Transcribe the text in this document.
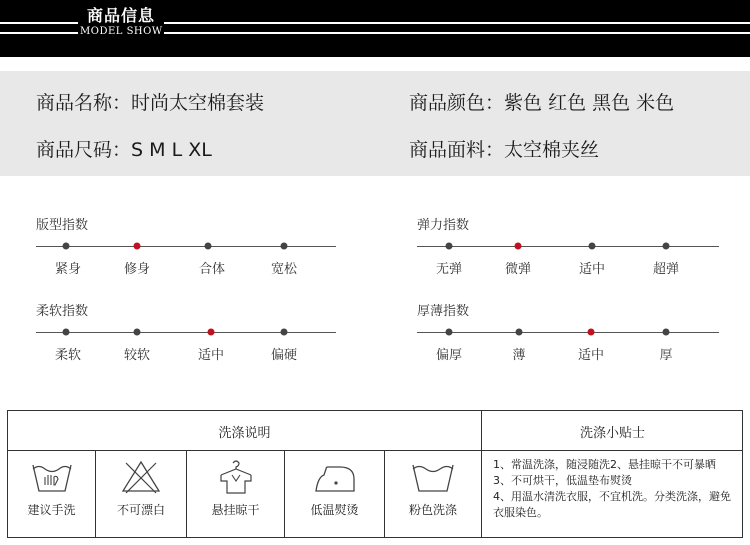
商品信息
MODEL SHOW
商品名称：时尚太空棉套装	商品颜色：紫色 红色 黑色 米色
商品尺码：S M L XL	商品面料：太空棉夹丝
版型指数
紧身	修身	合体	宽松
弹力指数
无弹	微弹	适中	超弹
柔软指数
柔软	较软	适中	偏硬
厚薄指数
偏厚	薄	适中	厚
洗涤说明	洗涤小贴士
建议手洗	不可漂白	悬挂晾干	低温熨烫	粉色洗涤
1、常温洗涤，随浸随洗2、悬挂晾干不可暴晒
3、不可烘干，低温垫布熨烫
4、用温水清洗衣服，不宜机洗。分类洗涤，避免衣服染色。
